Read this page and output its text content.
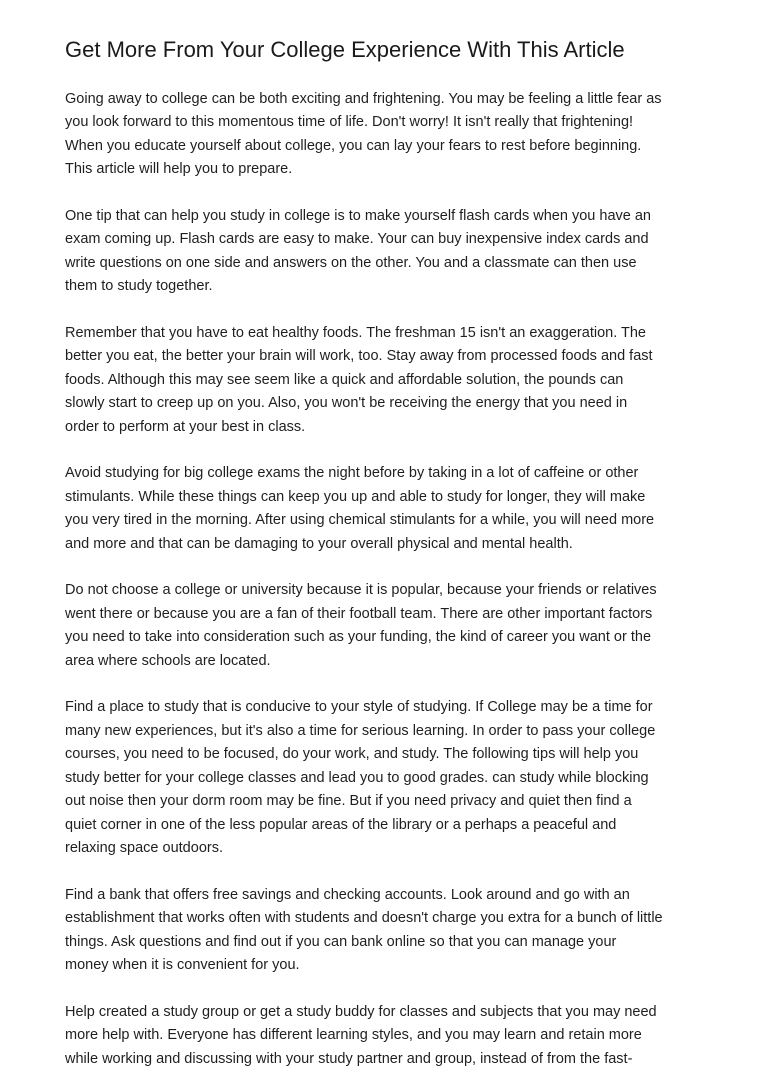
Get More From Your College Experience With This Article

Going away to college can be both exciting and frightening. You may be feeling a little fear as
you look forward to this momentous time of life. Don't worry! It isn't really that frightening!
When you educate yourself about college, you can lay your fears to rest before beginning.
This article will help you to prepare.

One tip that can help you study in college is to make yourself flash cards when you have an
exam coming up. Flash cards are easy to make. Your can buy inexpensive index cards and
write questions on one side and answers on the other. You and a classmate can then use
them to study together.

Remember that you have to eat healthy foods. The freshman 15 isn't an exaggeration. The
better you eat, the better your brain will work, too. Stay away from processed foods and fast
foods. Although this may see seem like a quick and affordable solution, the pounds can
slowly start to creep up on you. Also, you won't be receiving the energy that you need in
order to perform at your best in class.

Avoid studying for big college exams the night before by taking in a lot of caffeine or other
stimulants. While these things can keep you up and able to study for longer, they will make
you very tired in the morning. After using chemical stimulants for a while, you will need more
and more and that can be damaging to your overall physical and mental health.

Do not choose a college or university because it is popular, because your friends or relatives
went there or because you are a fan of their football team. There are other important factors
you need to take into consideration such as your funding, the kind of career you want or the
area where schools are located.

Find a place to study that is conducive to your style of studying. If College may be a time for
many new experiences, but it's also a time for serious learning. In order to pass your college
courses, you need to be focused, do your work, and study. The following tips will help you
study better for your college classes and lead you to good grades. can study while blocking
out noise then your dorm room may be fine. But if you need privacy and quiet then find a
quiet corner in one of the less popular areas of the library or a perhaps a peaceful and
relaxing space outdoors.

Find a bank that offers free savings and checking accounts. Look around and go with an
establishment that works often with students and doesn't charge you extra for a bunch of little
things. Ask questions and find out if you can bank online so that you can manage your
money when it is convenient for you.

Help created a study group or get a study buddy for classes and subjects that you may need
more help with. Everyone has different learning styles, and you may learn and retain more
while working and discussing with your study partner and group, instead of from the fast-
